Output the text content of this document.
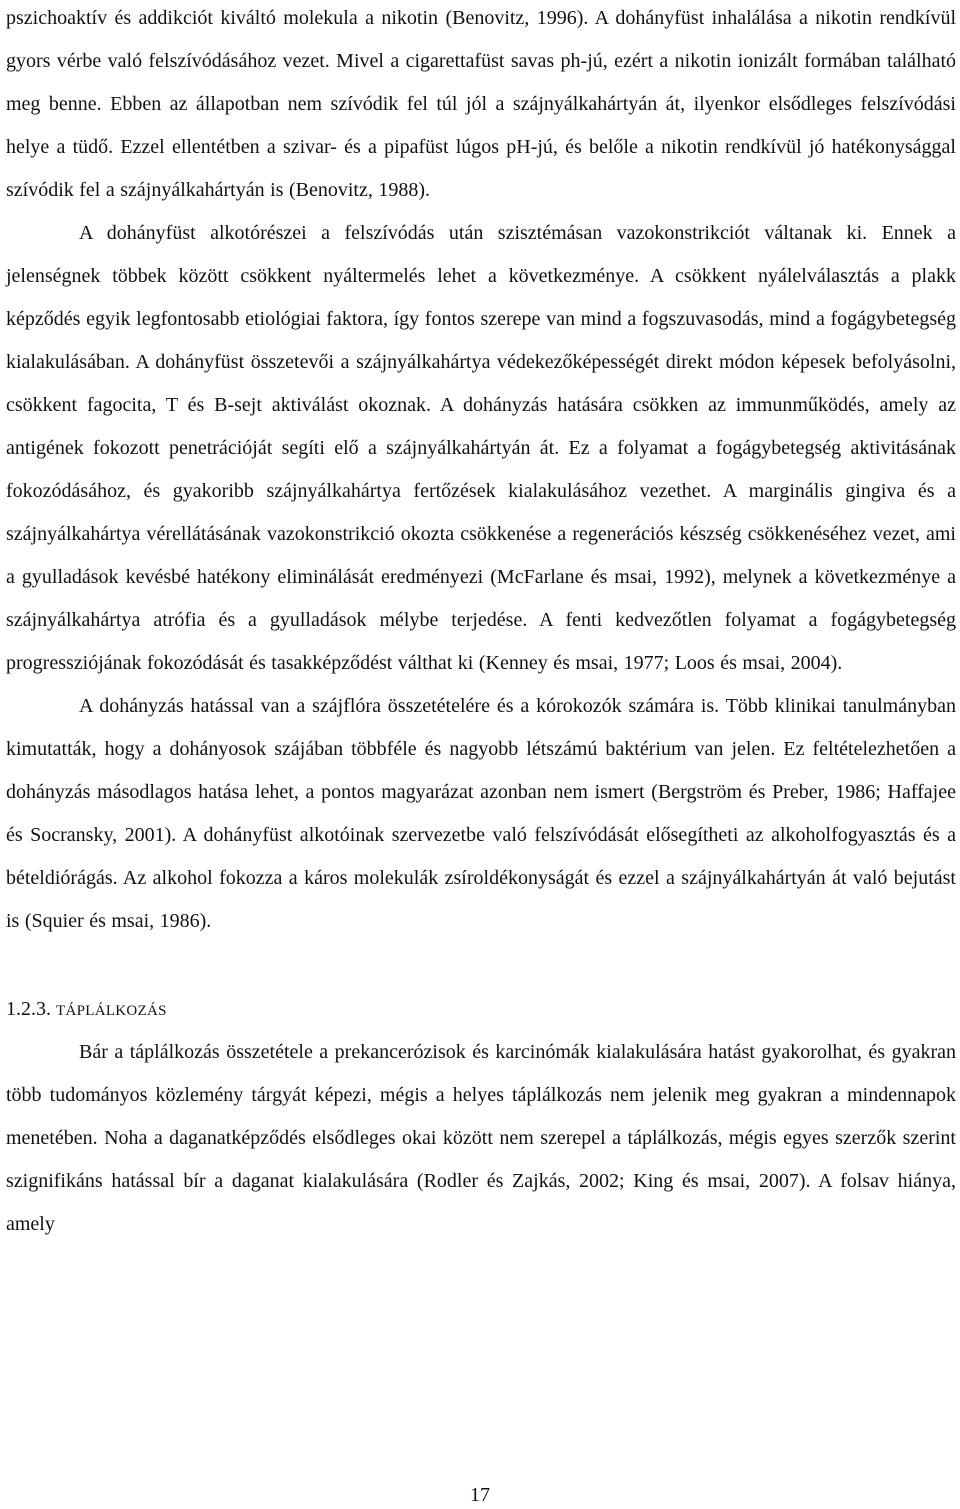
pszichoaktív és addikciót kiváltó molekula a nikotin (Benovitz, 1996). A dohányfüst inhalálása a nikotin rendkívül gyors vérbe való felszívódásához vezet. Mivel a cigarettafüst savas ph-jú, ezért a nikotin ionizált formában található meg benne. Ebben az állapotban nem szívódik fel túl jól a szájnyálkahártyán át, ilyenkor elsődleges felszívódási helye a tüdő. Ezzel ellentétben a szivar- és a pipafüst lúgos pH-jú, és belőle a nikotin rendkívül jó hatékonysággal szívódik fel a szájnyálkahártyán is (Benovitz, 1988).

A dohányfüst alkotórészei a felszívódás után szisztémásan vazokonstrikciót váltanak ki. Ennek a jelenségnek többek között csökkent nyáltermelés lehet a következménye. A csökkent nyálelválasztás a plakk képződés egyik legfontosabb etiológiai faktora, így fontos szerepe van mind a fogszuvasodás, mind a fogágybetegség kialakulásában. A dohányfüst összetevői a szájnyálkahártya védekezőképességét direkt módon képesek befolyásolni, csökkent fagocita, T és B-sejt aktiválást okoznak. A dohányzás hatására csökken az immunműködés, amely az antigének fokozott penetrációját segíti elő a szájnyálkahártyán át. Ez a folyamat a fogágybetegség aktivitásának fokozódásához, és gyakoribb szájnyálkahártya fertőzések kialakulásához vezethet. A marginális gingiva és a szájnyálkahártya vérellátásának vazokonstrikció okozta csökkenése a regenerációs készség csökkenéséhez vezet, ami a gyulladások kevésbé hatékony eliminálását eredményezi (McFarlane és msai, 1992), melynek a következménye a szájnyálkahártya atrófia és a gyulladások mélybe terjedése. A fenti kedvezőtlen folyamat a fogágybetegség progressziójának fokozódását és tasakképződést válthat ki (Kenney és msai, 1977; Loos és msai, 2004).

A dohányzás hatással van a szájflóra összetételére és a kórokozók számára is. Több klinikai tanulmányban kimutatták, hogy a dohányosok szájában többféle és nagyobb létszámú baktérium van jelen. Ez feltételezhetően a dohányzás másodlagos hatása lehet, a pontos magyarázat azonban nem ismert (Bergström és Preber, 1986; Haffajee és Socransky, 2001). A dohányfüst alkotóinak szervezetbe való felszívódását elősegítheti az alkoholfogyasztás és a bételdiórágás. Az alkohol fokozza a káros molekulák zsíroldékonyságát és ezzel a szájnyálkahártyán át való bejutást is (Squier és msai, 1986).

1.2.3. TÁPLÁLKOZÁS

Bár a táplálkozás összetétele a prekancerózisok és karcinómák kialakulására hatást gyakorolhat, és gyakran több tudományos közlemény tárgyát képezi, mégis a helyes táplálkozás nem jelenik meg gyakran a mindennapok menetében. Noha a daganatképződés elsődleges okai között nem szerepel a táplálkozás, mégis egyes szerzők szerint szignifikáns hatással bír a daganat kialakulására (Rodler és Zajkás, 2002; King és msai, 2007). A folsav hiánya, amely

17
